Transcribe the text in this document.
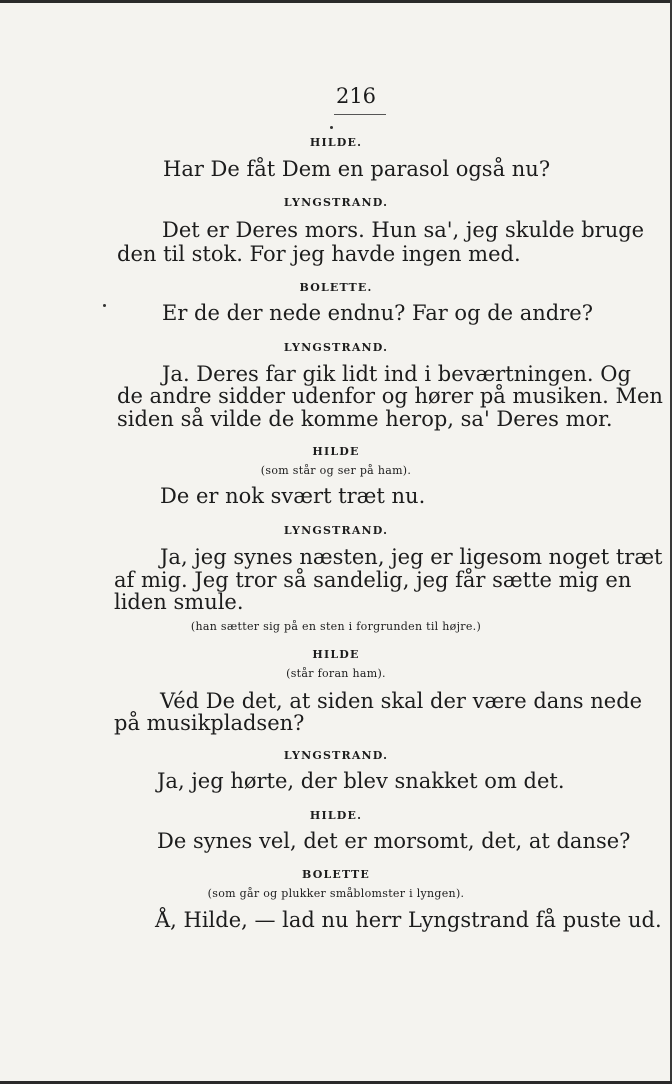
216
HILDE.
Har De fåt Dem en parasol også nu?
LYNGSTRAND.
Det er Deres mors. Hun sa', jeg skulde bruge
den til stok. For jeg havde ingen med.
BOLETTE.
Er de der nede endnu? Far og de andre?
LYNGSTRAND.
Ja. Deres far gik lidt ind i beværtningen. Og
de andre sidder udenfor og hører på musiken. Men
siden så vilde de komme herop, sa' Deres mor.
HILDE
(som står og ser på ham).
De er nok svært træt nu.
LYNGSTRAND.
Ja, jeg synes næsten, jeg er ligesom noget træt
af mig. Jeg tror så sandelig, jeg får sætte mig en
liden smule.
(han sætter sig på en sten i forgrunden til højre.)
HILDE
(står foran ham).
Véd De det, at siden skal der være dans nede
på musikpladsen?
LYNGSTRAND.
Ja, jeg hørte, der blev snakket om det.
HILDE.
De synes vel, det er morsomt, det, at danse?
BOLETTE
(som går og plukker småblomster i lyngen).
Å, Hilde, — lad nu herr Lyngstrand få puste ud.
